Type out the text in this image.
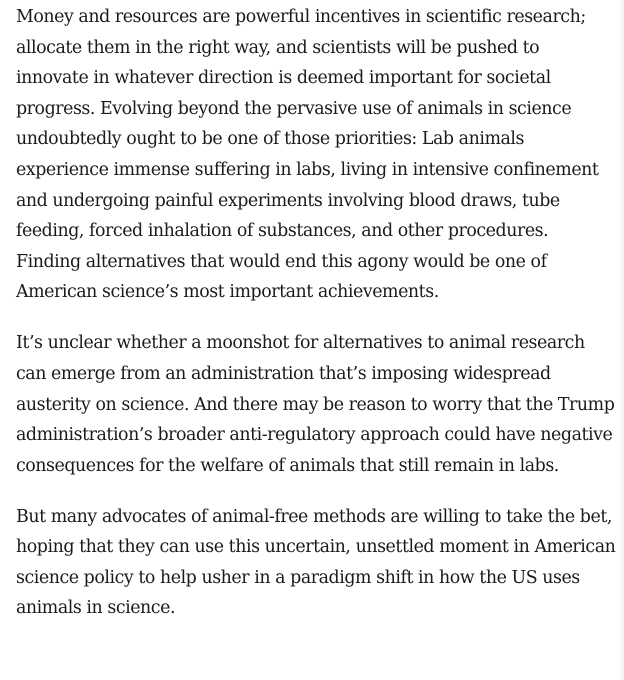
Money and resources are powerful incentives in scientific research; allocate them in the right way, and scientists will be pushed to innovate in whatever direction is deemed important for societal progress. Evolving beyond the pervasive use of animals in science undoubtedly ought to be one of those priorities: Lab animals experience immense suffering in labs, living in intensive confinement and undergoing painful experiments involving blood draws, tube feeding, forced inhalation of substances, and other procedures. Finding alternatives that would end this agony would be one of American science’s most important achievements.

It’s unclear whether a moonshot for alternatives to animal research can emerge from an administration that’s imposing widespread austerity on science. And there may be reason to worry that the Trump administration’s broader anti-regulatory approach could have negative consequences for the welfare of animals that still remain in labs.

But many advocates of animal-free methods are willing to take the bet, hoping that they can use this uncertain, unsettled moment in American science policy to help usher in a paradigm shift in how the US uses animals in science.
